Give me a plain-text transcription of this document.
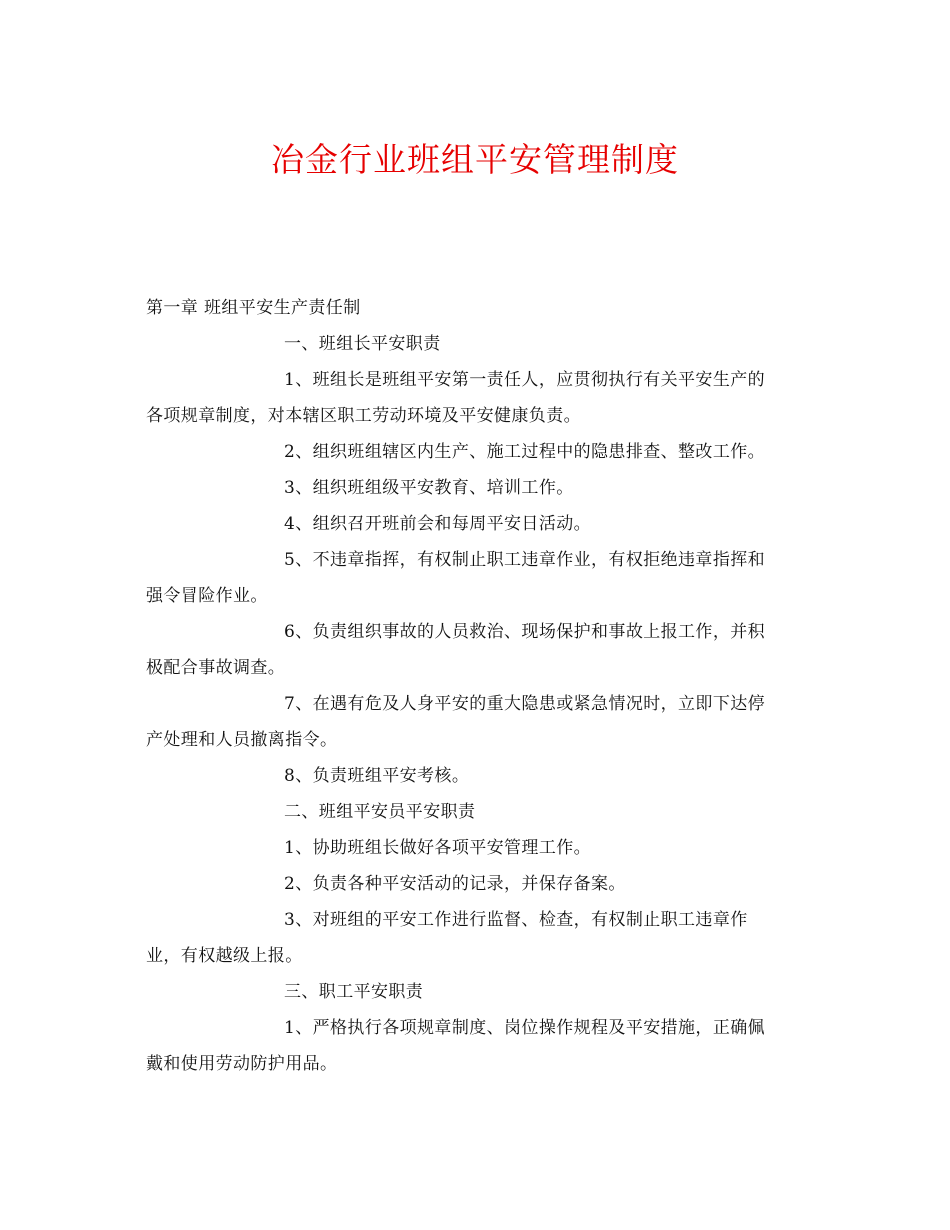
冶金行业班组平安管理制度

第一章 班组平安生产责任制

一、班组长平安职责

1、班组长是班组平安第一责任人，应贯彻执行有关平安生产的

各项规章制度，对本辖区职工劳动环境及平安健康负责。

2、组织班组辖区内生产、施工过程中的隐患排查、整改工作。

3、组织班组级平安教育、培训工作。

4、组织召开班前会和每周平安日活动。

5、不违章指挥，有权制止职工违章作业，有权拒绝违章指挥和

强令冒险作业。

6、负责组织事故的人员救治、现场保护和事故上报工作，并积

极配合事故调查。

7、在遇有危及人身平安的重大隐患或紧急情况时，立即下达停

产处理和人员撤离指令。

8、负责班组平安考核。

二、班组平安员平安职责

1、协助班组长做好各项平安管理工作。

2、负责各种平安活动的记录，并保存备案。

3、对班组的平安工作进行监督、检查，有权制止职工违章作

业，有权越级上报。

三、职工平安职责

1、严格执行各项规章制度、岗位操作规程及平安措施，正确佩

戴和使用劳动防护用品。
